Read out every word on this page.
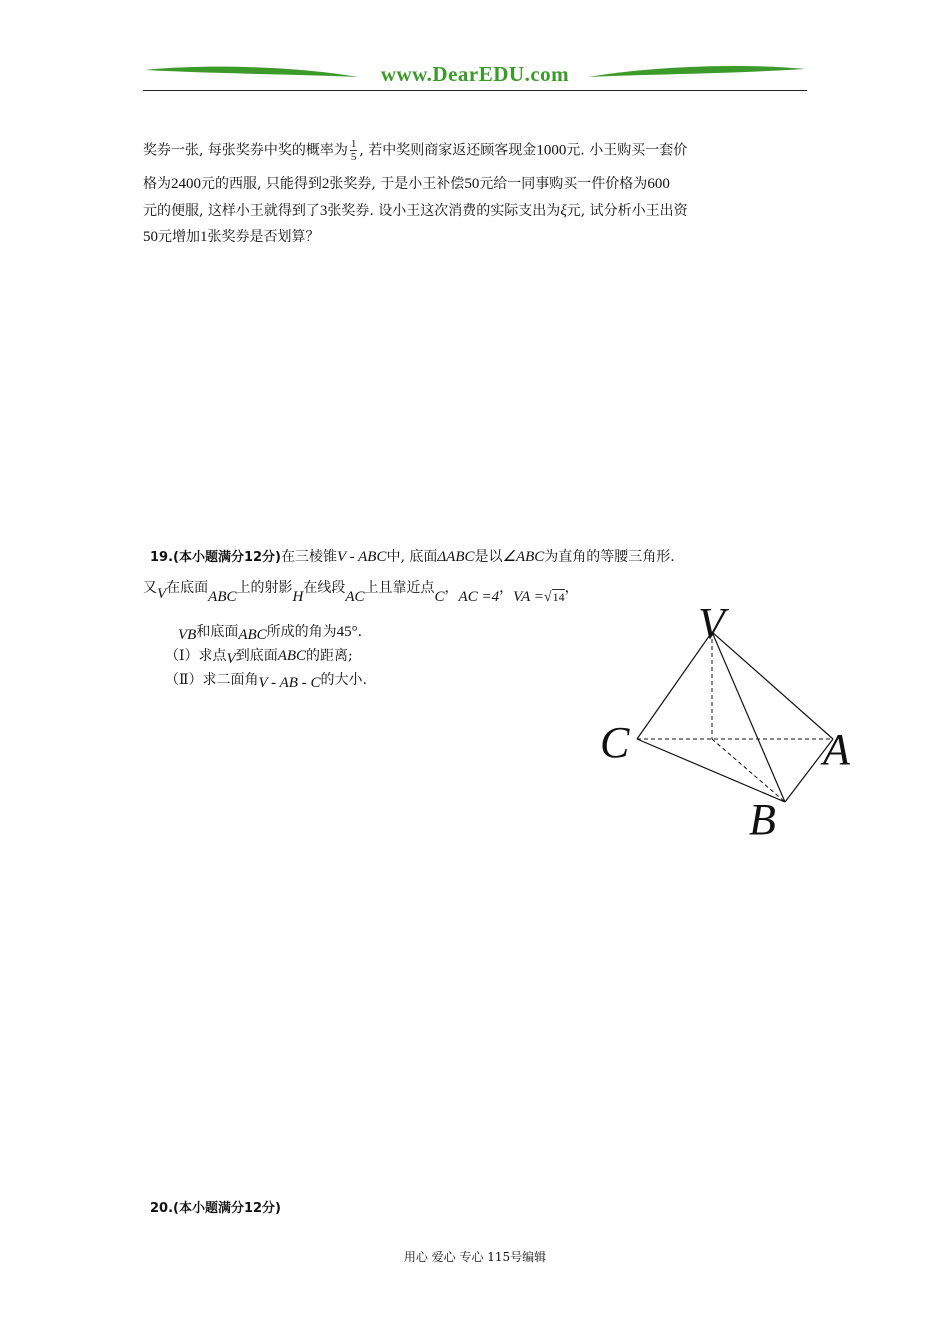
www.DearEDU.com
奖券一张, 每张奖券中奖的概率为 $\frac{1}{5}$ , 若中奖则商家返还顾客现金1000元. 小王购买一套价
格为2400元的西服, 只能得到2张奖券, 于是小王补偿50元给一同事购买一件价格为600
元的便服, 这样小王就得到了3张奖券. 设小王这次消费的实际支出为ξ元, 试分析小王出资
50元增加1张奖券是否划算？
19.(本小题满分12分)在三棱锥V - ABC中, 底面ΔABC是以∠ABC为直角的等腰三角形.
又V在底面ABC上的射影H在线段AC上且靠近点C，AC =4，VA =√14，
VB和底面ABC所成的角为45°.
（Ⅰ）求点V到底面ABC的距离;
（Ⅱ）求二面角V - AB - C的大小.
V
C	A
B
20.(本小题满分12分)
用心 爱心 专心 115号编辑
